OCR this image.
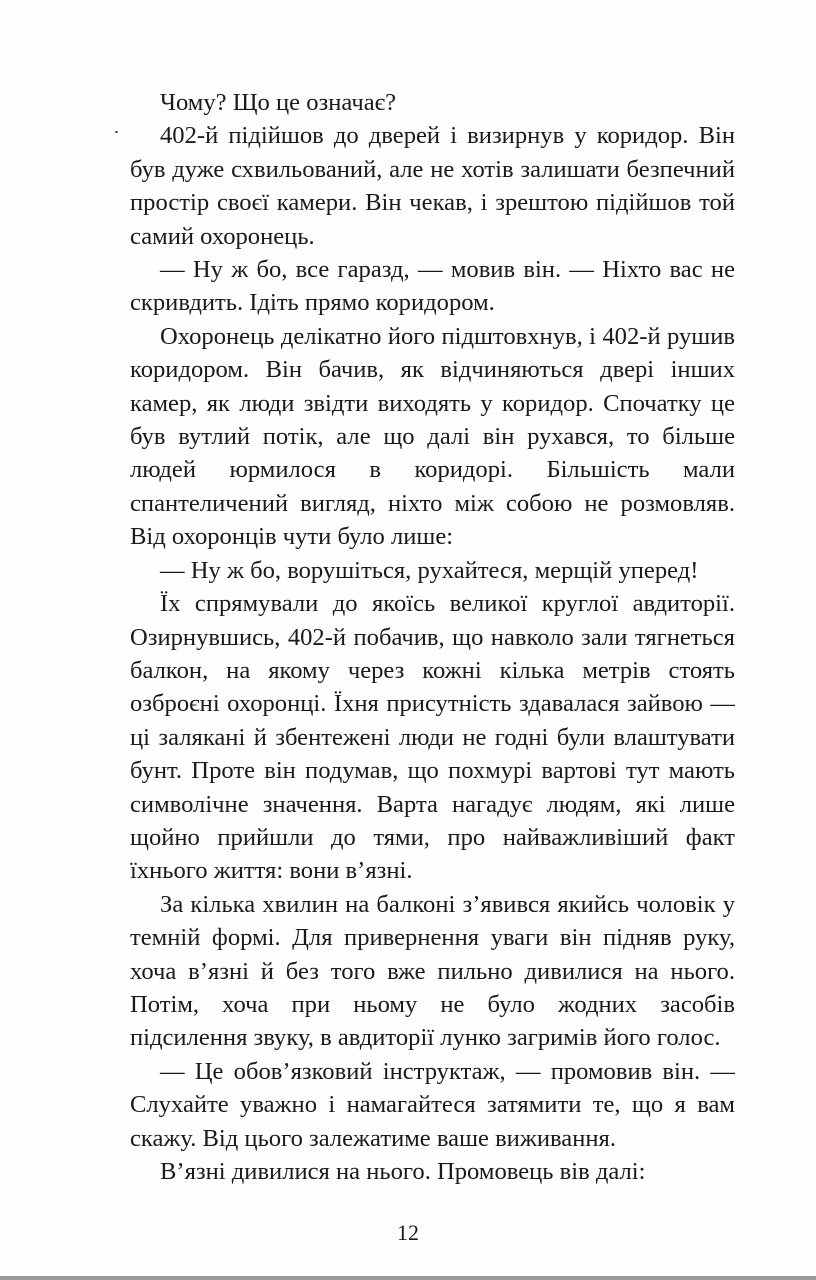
Чому? Що це означає?

402-й підійшов до дверей і визирнув у коридор. Він був дуже схвильований, але не хотів залишати безпечний простір своєї камери. Він чекав, і зрештою підійшов той самий охоронець.

— Ну ж бо, все гаразд, — мовив він. — Ніхто вас не скривдить. Ідіть прямо коридором.

Охоронець делікатно його підштовхнув, і 402-й рушив коридором. Він бачив, як відчиняються двері інших камер, як люди звідти виходять у коридор. Спочатку це був вутлий потік, але що далі він рухався, то більше людей юрмилося в коридорі. Більшість мали спантеличений вигляд, ніхто між собою не розмовляв. Від охоронців чути було лише:

— Ну ж бо, ворушіться, рухайтеся, мерщій уперед!

Їх спрямували до якоїсь великої круглої авдиторії. Озирнувшись, 402-й побачив, що навколо зали тягнеться балкон, на якому через кожні кілька метрів стоять озброєні охоронці. Їхня присутність здавалася зайвою — ці залякані й збентежені люди не годні були влаштувати бунт. Проте він подумав, що похмурі вартові тут мають символічне значення. Варта нагадує людям, які лише щойно прийшли до тями, про найважливіший факт їхнього життя: вони в’язні.

За кілька хвилин на балконі з’явився якийсь чоловік у темній формі. Для привернення уваги він підняв руку, хоча в’язні й без того вже пильно дивилися на нього. Потім, хоча при ньому не було жодних засобів підсилення звуку, в авдиторії лунко загримів його голос.

— Це обов’язковий інструктаж, — промовив він. — Слухайте уважно і намагайтеся затямити те, що я вам скажу. Від цього залежатиме ваше виживання.

В’язні дивилися на нього. Промовець вів далі:

12
